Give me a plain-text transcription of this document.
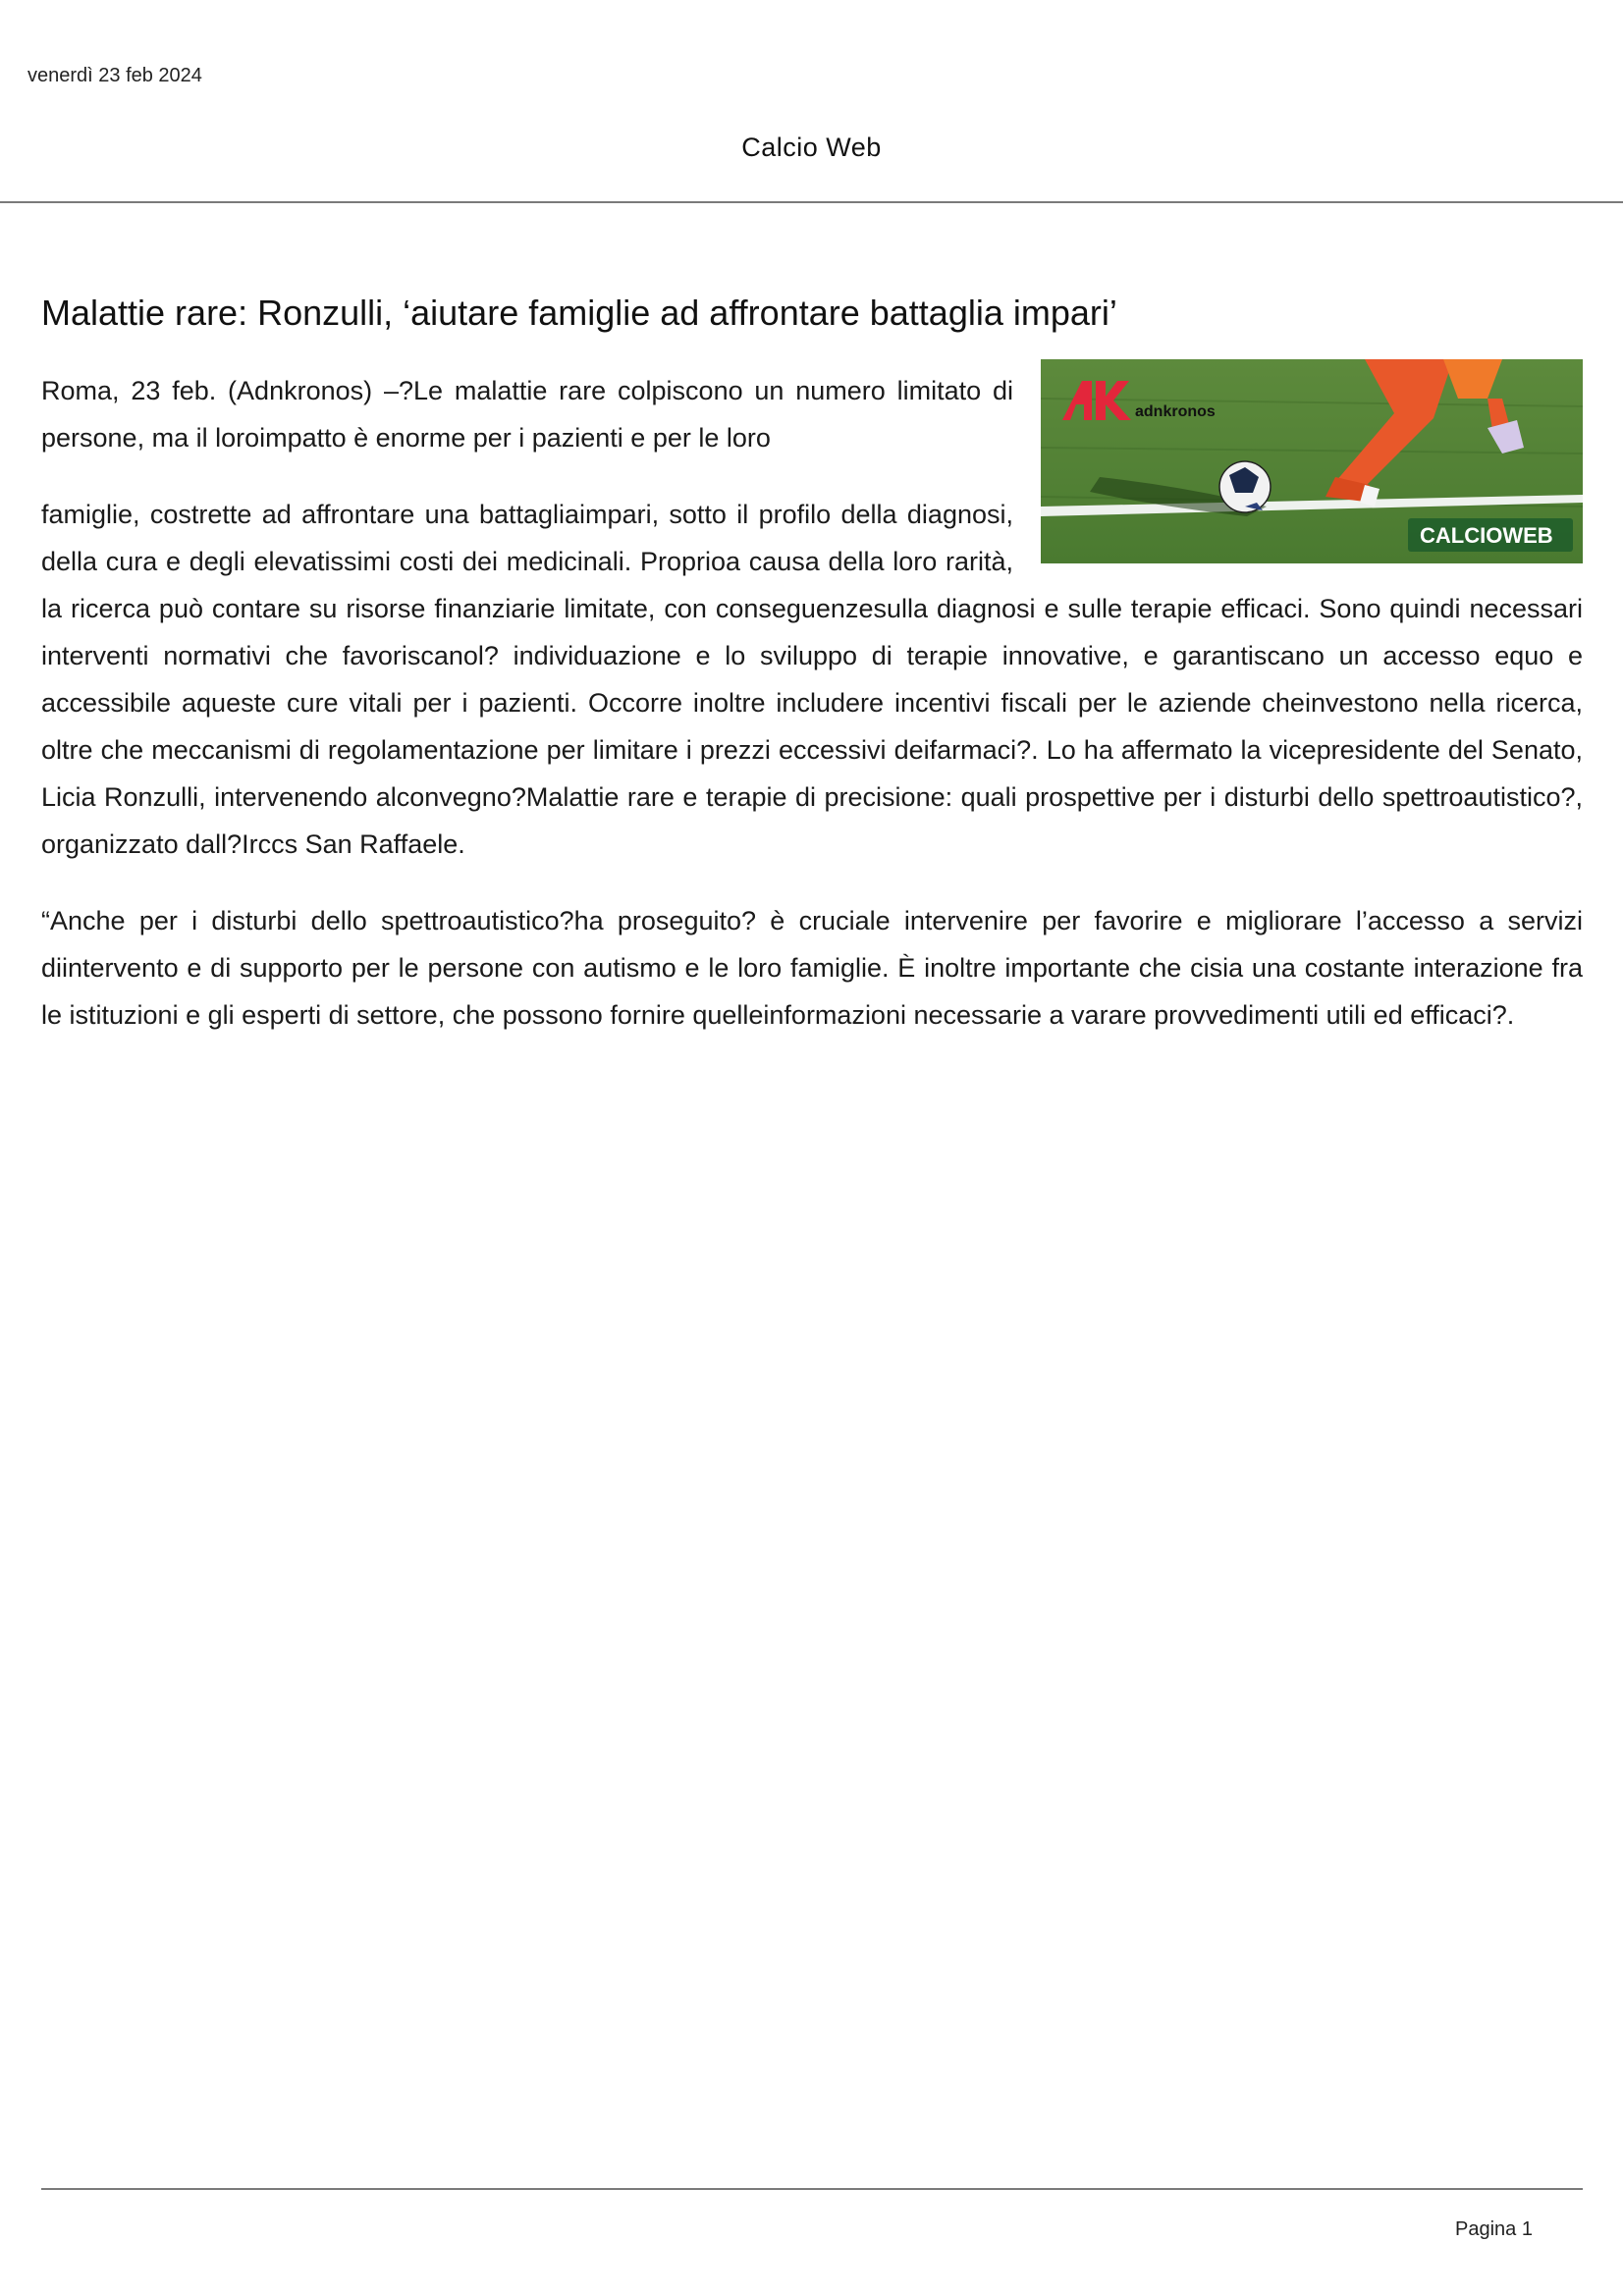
venerdì 23 feb 2024
Calcio Web
Malattie rare: Ronzulli, ‘aiutare famiglie ad affrontare battaglia impari’
adnkronos
CALCIOWEB

Roma, 23 feb. (Adnkronos) –?Le malattie rare colpiscono un numero limitato di persone, ma il loroimpatto è enorme per i pazienti e per le loro

famiglie, costrette ad affrontare una battagliaimpari, sotto il profilo della diagnosi, della cura e degli elevatissimi costi dei medicinali. Proprioa causa della loro rarità, la ricerca può contare su risorse finanziarie limitate, con conseguenzesulla diagnosi e sulle terapie efficaci. Sono quindi necessari interventi normativi che favoriscanol? individuazione e lo sviluppo di terapie innovative, e garantiscano un accesso equo e accessibile aqueste cure vitali per i pazienti. Occorre inoltre includere incentivi fiscali per le aziende cheinvestono nella ricerca, oltre che meccanismi di regolamentazione per limitare i prezzi eccessivi deifarmaci?. Lo ha affermato la vicepresidente del Senato, Licia Ronzulli, intervenendo alconvegno?Malattie rare e terapie di precisione: quali prospettive per i disturbi dello spettroautistico?, organizzato dall?Irccs San Raffaele.

“Anche per i disturbi dello spettroautistico?ha proseguito? è cruciale intervenire per favorire e migliorare l’accesso a servizi diintervento e di supporto per le persone con autismo e le loro famiglie. È inoltre importante che cisia una costante interazione fra le istituzioni e gli esperti di settore, che possono fornire quelleinformazioni necessarie a varare provvedimenti utili ed efficaci?.

Pagina 1
